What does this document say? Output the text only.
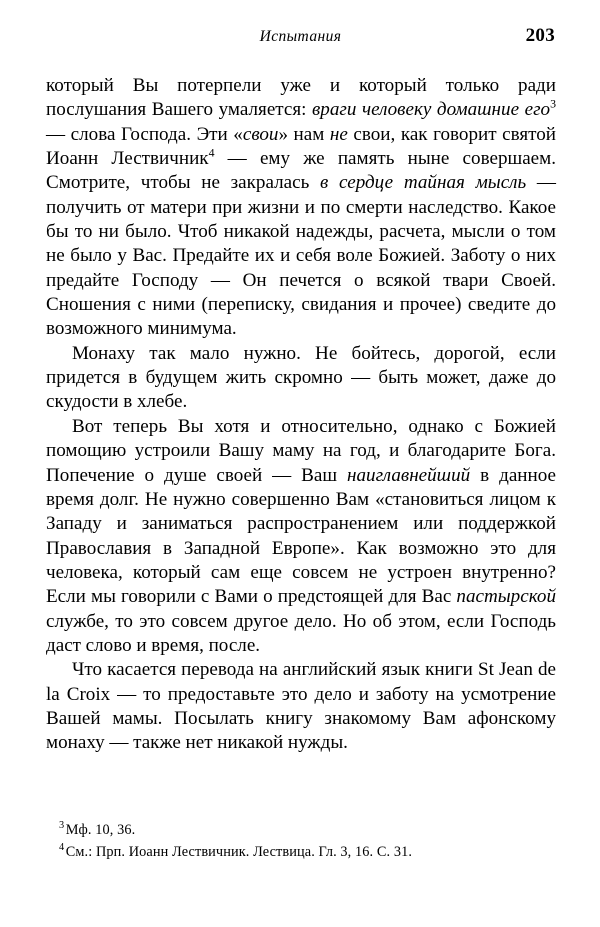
Испытания	203

который Вы потерпели уже и который только ради послушания Вашего умаляется: враги человеку домашние его$^3$ — слова Господа. Эти «свои» нам не свои, как говорит святой Иоанн Лествичник$^4$ — ему же память ныне совершаем. Смотрите, чтобы не закралась в сердце тайная мысль — получить от матери при жизни и по смерти наследство. Какое бы то ни было. Чтоб никакой надежды, расчета, мысли о том не было у Вас. Предайте их и себя воле Божией. Заботу о них предайте Господу — Он печется о всякой твари Своей. Сношения с ними (переписку, свидания и прочее) сведите до возможного минимума.

Монаху так мало нужно. Не бойтесь, дорогой, если придется в будущем жить скромно — быть может, даже до скудости в хлебе.

Вот теперь Вы хотя и относительно, однако с Божией помощию устроили Вашу маму на год, и благодарите Бога. Попечение о душе своей — Ваш наиглавнейший в данное время долг. Не нужно совершенно Вам «становиться лицом к Западу и заниматься распространением или поддержкой Православия в Западной Европе». Как возможно это для человека, который сам еще совсем не устроен внутренно? Если мы говорили с Вами о предстоящей для Вас пастырской службе, то это совсем другое дело. Но об этом, если Господь даст слово и время, после.

Что касается перевода на английский язык книги St Jean de la Croix — то предоставьте это дело и заботу на усмотрение Вашей мамы. Посылать книгу знакомому Вам афонскому монаху — также нет никакой нужды.

$^3$ Мф. 10, 36.

$^4$ См.: Прп. Иоанн Лествичник. Лествица. Гл. 3, 16. С. 31.
